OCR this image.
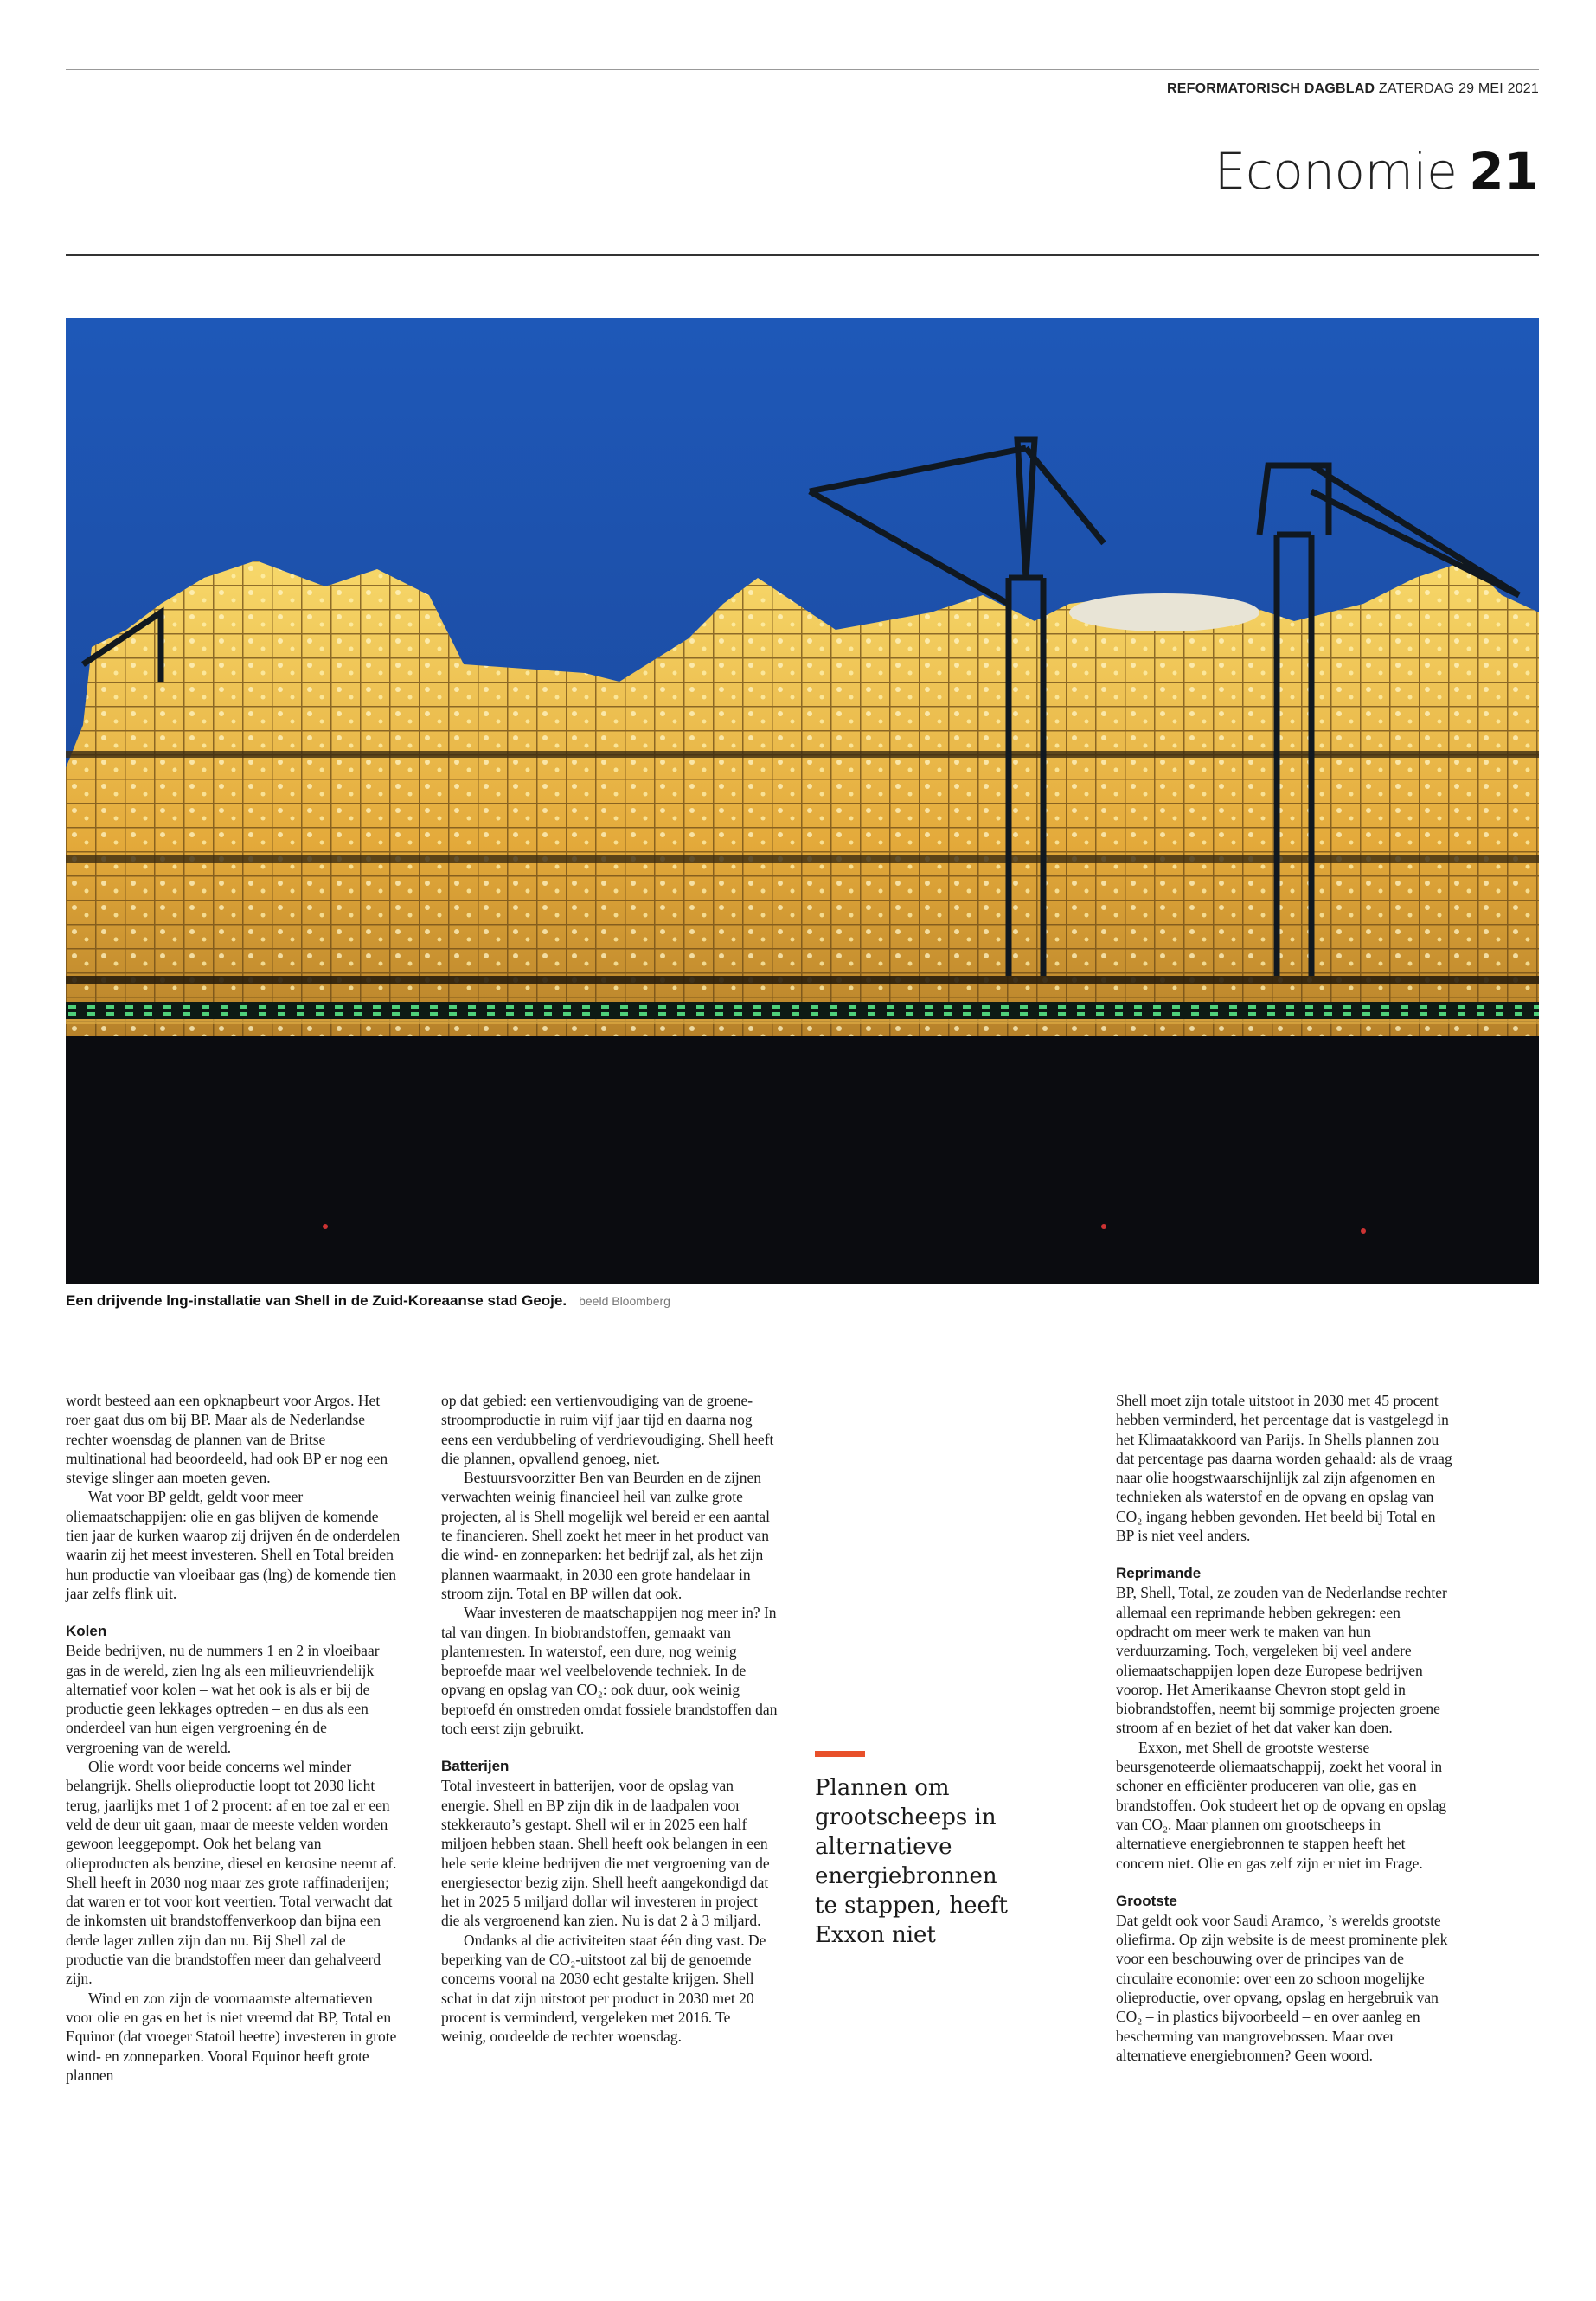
REFORMATORISCH DAGBLAD ZATERDAG 29 MEI 2021
Economie 21
Een drijvende lng-installatie van Shell in de Zuid-Koreaanse stad Geoje. beeld Bloomberg

wordt besteed aan een opknapbeurt voor Argos. Het roer gaat dus om bij BP. Maar als de Nederlandse rechter woensdag de plannen van de Britse multinational had beoordeeld, had ook BP er nog een stevige slinger aan moeten geven.

Wat voor BP geldt, geldt voor meer oliemaatschappijen: olie en gas blijven de komende tien jaar de kurken waarop zij drijven én de onderdelen waarin zij het meest investeren. Shell en Total breiden hun productie van vloeibaar gas (lng) de komende tien jaar zelfs flink uit.

Kolen

Beide bedrijven, nu de nummers 1 en 2 in vloeibaar gas in de wereld, zien lng als een milieuvriendelijk alternatief voor kolen – wat het ook is als er bij de productie geen lekkages optreden – en dus als een onderdeel van hun eigen vergroening én de vergroening van de wereld.

Olie wordt voor beide concerns wel minder belangrijk. Shells olieproductie loopt tot 2030 licht terug, jaarlijks met 1 of 2 procent: af en toe zal er een veld de deur uit gaan, maar de meeste velden worden gewoon leeggepompt. Ook het belang van olieproducten als benzine, diesel en kerosine neemt af. Shell heeft in 2030 nog maar zes grote raffinaderijen; dat waren er tot voor kort veertien. Total verwacht dat de inkomsten uit brandstoffenverkoop dan bijna een derde lager zullen zijn dan nu. Bij Shell zal de productie van die brandstoffen meer dan gehalveerd zijn.

Wind en zon zijn de voornaamste alternatieven voor olie en gas en het is niet vreemd dat BP, Total en Equinor (dat vroeger Statoil heette) investeren in grote wind- en zonneparken. Vooral Equinor heeft grote plannen

op dat gebied: een vertienvoudiging van de groene-stroomproductie in ruim vijf jaar tijd en daarna nog eens een verdubbeling of verdrievoudiging. Shell heeft die plannen, opvallend genoeg, niet.

Bestuursvoorzitter Ben van Beurden en de zijnen verwachten weinig financieel heil van zulke grote projecten, al is Shell mogelijk wel bereid er een aantal te financieren. Shell zoekt het meer in het product van die wind- en zonneparken: het bedrijf zal, als het zijn plannen waarmaakt, in 2030 een grote handelaar in stroom zijn. Total en BP willen dat ook.

Waar investeren de maatschappijen nog meer in? In tal van dingen. In biobrandstoffen, gemaakt van plantenresten. In waterstof, een dure, nog weinig beproefde maar wel veelbelovende techniek. In de opvang en opslag van CO₂: ook duur, ook weinig beproefd én omstreden omdat fossiele brandstoffen dan toch eerst zijn gebruikt.

Batterijen

Total investeert in batterijen, voor de opslag van energie. Shell en BP zijn dik in de laadpalen voor stekkerauto’s gestapt. Shell wil er in 2025 een half miljoen hebben staan. Shell heeft ook belangen in een hele serie kleine bedrijven die met vergroening van de energiesector bezig zijn. Shell heeft aangekondigd dat het in 2025 5 miljard dollar wil investeren in project die als vergroenend kan zien. Nu is dat 2 à 3 miljard.

Ondanks al die activiteiten staat één ding vast. De beperking van de CO₂-uitstoot zal bij de genoemde concerns vooral na 2030 echt gestalte krijgen. Shell schat in dat zijn uitstoot per product in 2030 met 20 procent is verminderd, vergeleken met 2016. Te weinig, oordeelde de rechter woensdag.

Plannen om grootscheeps in alternatieve energiebronnen te stappen, heeft Exxon niet

Shell moet zijn totale uitstoot in 2030 met 45 procent hebben verminderd, het percentage dat is vastgelegd in het Klimaatakkoord van Parijs. In Shells plannen zou dat percentage pas daarna worden gehaald: als de vraag naar olie hoogstwaarschijnlijk zal zijn afgenomen en technieken als waterstof en de opvang en opslag van CO₂ ingang hebben gevonden. Het beeld bij Total en BP is niet veel anders.

Reprimande

BP, Shell, Total, ze zouden van de Nederlandse rechter allemaal een reprimande hebben gekregen: een opdracht om meer werk te maken van hun verduurzaming. Toch, vergeleken bij veel andere oliemaatschappijen lopen deze Europese bedrijven voorop. Het Amerikaanse Chevron stopt geld in biobrandstoffen, neemt bij sommige projecten groene stroom af en beziet of het dat vaker kan doen.

Exxon, met Shell de grootste westerse beursgenoteerde oliemaatschappij, zoekt het vooral in schoner en efficiënter produceren van olie, gas en brandstoffen. Ook studeert het op de opvang en opslag van CO₂. Maar plannen om grootscheeps in alternatieve energiebronnen te stappen heeft het concern niet. Olie en gas zelf zijn er niet im Frage.

Grootste

Dat geldt ook voor Saudi Aramco, ’s werelds grootste oliefirma. Op zijn website is de meest prominente plek voor een beschouwing over de principes van de circulaire economie: over een zo schoon mogelijke olieproductie, over opvang, opslag en hergebruik van CO₂ – in plastics bijvoorbeeld – en over aanleg en bescherming van mangrovebossen. Maar over alternatieve energiebronnen? Geen woord.
